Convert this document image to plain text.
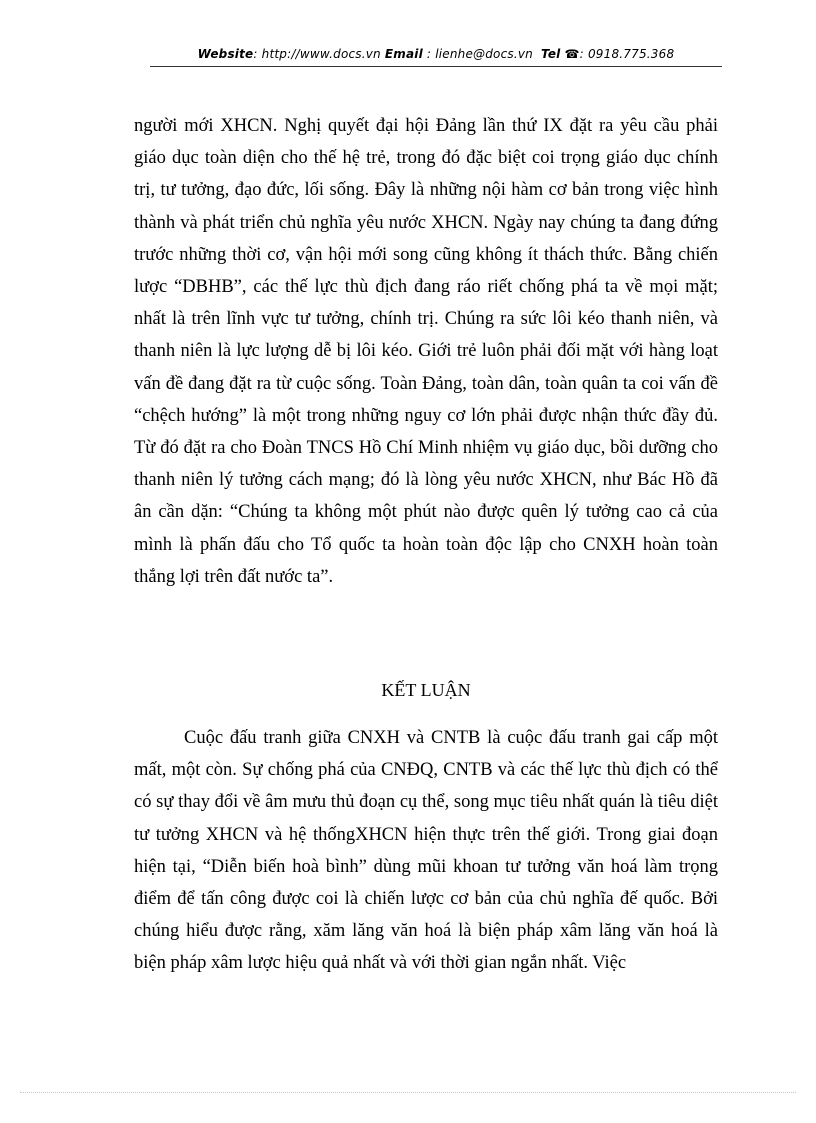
Website: http://www.docs.vn Email : lienhe@docs.vn Tel ☎: 0918.775.368

người mới XHCN. Nghị quyết đại hội Đảng lần thứ IX đặt ra yêu cầu phải giáo dục toàn diện cho thế hệ trẻ, trong đó đặc biệt coi trọng giáo dục chính trị, tư tưởng, đạo đức, lối sống. Đây là những nội hàm cơ bản trong việc hình thành và phát triển chủ nghĩa yêu nước XHCN. Ngày nay chúng ta đang đứng trước những thời cơ, vận hội mới song cũng không ít thách thức. Bằng chiến lược “DBHB”, các thế lực thù địch đang ráo riết chống phá ta về mọi mặt; nhất là trên lĩnh vực tư tưởng, chính trị. Chúng ra sức lôi kéo thanh niên, và thanh niên là lực lượng dễ bị lôi kéo. Giới trẻ luôn phải đối mặt với hàng loạt vấn đề đang đặt ra từ cuộc sống. Toàn Đảng, toàn dân, toàn quân ta coi vấn đề “chệch hướng” là một trong những nguy cơ lớn phải được nhận thức đầy đủ. Từ đó đặt ra cho Đoàn TNCS Hồ Chí Minh nhiệm vụ giáo dục, bồi dưỡng cho thanh niên lý tưởng cách mạng; đó là lòng yêu nước XHCN, như Bác Hồ đã ân cần dặn: “Chúng ta không một phút nào được quên lý tưởng cao cả của mình là phấn đấu cho Tổ quốc ta hoàn toàn độc lập cho CNXH hoàn toàn thắng lợi trên đất nước ta”.

KẾT LUẬN

Cuộc đấu tranh giữa CNXH và CNTB là cuộc đấu tranh gai cấp một mất, một còn. Sự chống phá của CNĐQ, CNTB và các thế lực thù địch có thể có sự thay đổi về âm mưu thủ đoạn cụ thể, song mục tiêu nhất quán là tiêu diệt tư tưởng XHCN và hệ thốngXHCN hiện thực trên thế giới. Trong giai đoạn hiện tại, “Diễn biến hoà bình” dùng mũi khoan tư tưởng văn hoá làm trọng điểm để tấn công được coi là chiến lược cơ bản của chủ nghĩa đế quốc. Bởi chúng hiểu được rằng, xăm lăng văn hoá là biện pháp xâm lăng văn hoá là biện pháp xâm lược hiệu quả nhất và với thời gian ngắn nhất. Việc
